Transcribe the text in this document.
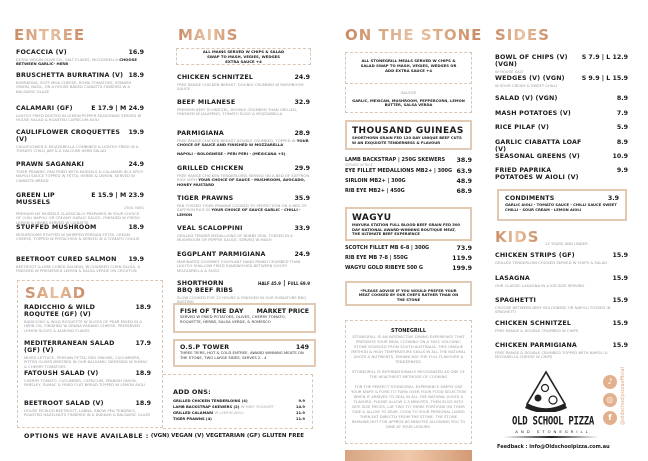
ENTREE
SALAD
OPTIONS WE HAVE AVAILABLE : (VGN) VEGAN (V) VEGETARIAN (GF) GLUTEN FREE
MAINS
ALL MAINS SERVED W CHIPS & SALAD
SWAP TO MASH, VEGIES, WEDGES
EXTRA SAUCE +4
FISH OF THE DAY MARKET PRICE
SERVED W FRIED POTATOES, OLIVES, CHERRY TOMATO, ROQUETTE, HERBS, SALSA VERDE, & ROMESCO
O.S.P TOWER	149
THREE TIERS, HOT & COLD ENTREE, AWARD WINNING MEATS ON THE STONE, TWO LARGE SIDES. SERVES 2 - 4
ADD ONS:
GRILLED CHICKEN TENDERLOINS (4)	9.9
LAMB BACKSTRAP SKEWERS (2) W MINT YOGHURT	14.9
GRILLED CALAMARI W LEMON AIOLI	11.9
TIGER PRAWNS (4)	11.9
ON THE STONE
ALL STONEGRILL MEALS SERVED W CHIPS &
SALAD SWAP TO MASH, VEGIES, WEDGES OR
ADD EXTRA SAUCE +4
SAUCES
GARLIC, MEXICAN, MUSHROOM, PEPPERCORN, LEMON BUTTER, SALSA VERDA
THOUSAND GUINEAS
SHORTHORN GRAIN FED 120 DAY UNIQUE BEEF CUTS W AN EXQUISITE TENDERNESS & FLAVOUR
WAGYU
MAYURA STATION FULL BLOOD BEEF GRAIN FED 500 DAY NATIONAL AWARD-WINNING BOUTIQUE MEAT, THE ULTIMATE BEEF EXPERIENCE
*PLEASE ADVISE IF YOU WOULD PREFER YOUR MEAT COOKED BY OUR CHEFS RATHER THAN ON THE STONE
STONEGRILL
STONEGRILL IS AN INTERACTIVE DINING EXPERIENCE THAT PRESENTS YOUR MEAL COOKING ON A 550C VOLCANIC STONE SOURCED FROM SOUTH AUSTRALIA. THIS UNIQUE METHOD & HIGH TEMPERATURE SEALS IN ALL THE NATURAL JUICES & NUTRIENTS, ENHANCING THE FULL FLAVOURS & TENDERNESS.
STONEGRILL IS INTERNATIONALLY RECOGNIZED AS ONE OF THE HEALTHIEST METHODS OF COOKING
FOR THE PERFECT STONEGRILL EXPERIENCE SIMPLY USE YOUR KNIFE & FORK TO TURN OVER YOUR FOOD SELECTION WHEN IT ARRIVES TO SEAL IN ALL THE NATURAL JUICES & FLAVORS. PLEASE ALLOW 2-3 MINUTES. THEN SLICE INTO BITE SIZE PIECES, LAY TWO TO THREE PORTIONS ON THEIR SIDE & ALLOW TO SEAR, COOK TO YOUR PERSONAL LIKING THEN EAT DIRECTLY FROM THE STONE. THE STONE REMAINS HOT FOR APPROX 60 MINUTES ALLOWING YOU TO DINE AT YOUR LEISURE.
SIDES
CONDIMENTS	3.9
GARLIC AIOLI - TOMATO SAUCE - CHILLI SAUCE SWEET CHILLI - SOUR CREAM - LEMON AIOLI
KIDS 12 YEARS AND UNDER
OLD SCHOOL PIZZA
AND STONEGRILL
Feedback : info@Oldschoolpizza.com.au
♪
◎
f	@oldschoolpizzaofficial
FOCACCIA (V)	16.9
EXTRA VIRGIN OLIVE OIL, SALT FLAKES, MOZZARELLA CHOOSE BETWEEN GARLIC- HERB
BRUSCHETTA BURRATINA (V) 18.9
BURRATINA, SOFT MILK CHEESE, ROMA TOMATOES, SPANISH ONION, BASIL, ON A HOUSE BAKED CIABATTA FINISHED W A BALSAMIC GLAZE
CALAMARI (GF)	E 17.9 | M 24.9
LIGHTLY FRIED DUSTED IN LEMON PEPPER SEASONING SERVED W HOUSE SALAD & ROASTED CAPSICUM AIOLI
CAULIFLOWER CROQUETTES (V)
19.9
CAULIFLOWER & MOZZARELLA COMBINED & LIGHTLY FRIED W A TOMATO CHILLI JAM & A HALOUMI HERB SALAD
PRAWN SAGANAKI	24.9
TIGER PRAWNS, PAN FRIED WITH MUSSELS & CALAMARI IN A SPICY NAPOLI SAUCE TOPPED W FETTA, HERBS & LEMON, SERVED W CIABATTA BREAD
GREEN LIP MUSSELS
E 15.9 | M 23.9
250G 500G
PREMIUM NZ MUSSELS CLASSICALLY PREPARED IN YOUR CHOICE OF CHILI NAPOLI OR CREAMY GARLIC SAUCE. FINISHED W FRESH LEMON & HERBS SERVED W CIABATTA
STUFFED MUSHROOM	18.9
MUSHROOMS STUFFED W WHIPPED PERSIAN FETTA, CREAM CHEESE, TOPPED W PISTACHIOS & SERVED W A TOMATO COULIS
BEETROOT CURED SALMON 19.9
BEETROOT & LIME CURED SALMON, W CHARRED CORN SALSA, & FINISHED W PRESERVED LEMON & SALSA VERDE ON CROUTON
RADICCHIO & WILD ROQUTEE (GF) (V)
18.9
RADICCHIO & WILD ROQUETTE W SLICES OF PEAR MIXED IN A HERB OIL, FINISHED W GRANA PADANO CHEESE, PRESERVED LEMON SLICES & ALMOND FLAKES
MEDITERRANEAN SALAD (GF) (V)
17.9
MIXED LETTUCE, PERSIAN FETTA, RED ONIONS, CUCUMBERS, PITTED OLIVES DRESSED IN OUR BALSAMIC DRESSING W SUMAC & CHERRY TOMATOES
FATOUSH SALAD (V)	18.9
CHERRY TOMATO, CUCUMBER, CAPSICUM, SPANISH ONION, PARSLEY, SUMAC & FRIED FLAT BREAD TOPPED W LEMON AIOLI
BEETROOT SALAD (V)	18.9
HOUSE PICKLED BEETROOT, LABNA, SNOW PEA TENDRILS, ROASTED HAZELNUTS FINISHED IN A DUKKAH & BALSAMIC GLAZE
CHICKEN SCHNITZEL	24.9
FREE RANGE CHICKEN BREAST, DOUBLE CRUMBED W MUSHROOM SAUCE
BEEF MILANESE	32.9
PREMIUM BEEF SCHNITZEL, DOUBLE CRUMBED THAN GRILLED, FINISHED W JALAPENO, TOMATO SUGO & MOZZARELLA
PARMIGIANA	28.9
FREE RANGE CHICKEN BREAST DOUBLE CRUMBED, TOPPED W YOUR CHOICE OF SAUCE AND FINISHED W MOZZARELLA
NAPOLI - BOLOGNESE - PERI PERI - (MEXICANA +3)
GRILLED CHICKEN	29.9
FREE RANGE CHICKEN TENDERLOINS SERVED ON A BED OF SAFFRON RICE WITH YOUR CHOICE OF SAUCE - MUSHROOM, AVOCADO, HONEY MUSTARD
TIGER PRAWNS	35.9
PAN TOSSED TIGER PRAWNS COOKED TO PERFECTION ON A BED OF SAFFRON RICE IN YOUR CHOICE OF SAUCE GARLIC - CHILLI - LEMON
VEAL SCALOPPINI	33.9
GRILLED TENDER MEDALLIONS OF BOBBY VEAL TOSSED IN A MUSHROOM OR PEPPER SAUCE. SERVED W MASH
EGGPLANT PARMIGIANA	24.9
MARINATED GOURMET EGGPLANT HAND PANKO CRUMBED THAN LIGHTLY SHALLOW FRIED SANDWICHED BETWEEN GOOEY MOZZARELLA & SUGO
SHORTHORN BBQ BEEF RIBS
HALF 45.9 | FULL 69.9
SLOW COOKED FOR 12 HOURS & FINISHED IN OUR SIGNATURE BBQ BASTING
BOWL OF CHIPS (V) (VGN)
S 7.9 | L 12.9
W HOUSE SALT
WEDGES (V) (VGN)	S 9.9 | L 15.9
W SOUR CREAM & SWEET CHILLI
SALAD (V) (VGN)	8.9
MASH POTATOES (V)	7.9
RICE PILAF (V)	5.9
GARLIC CIABATTA LOAF (V)
8.9
SEASONAL GREENS (V)	10.9
FRIED PAPRIKA POTATOES W AIOLI (V)
9.9
CHICKEN STRIPS (GF)	15.9
GRILLED TENDERLOIN CHICKEN SERVED W CHIPS & SALAD
LASAGNA	15.9
OUR CLASSIC LASAGNA IN A KID SIZE SERVING
SPAGHETTI	15.9
CHOOSE BETWEEN BEEF BOLOGNESE OR NAPOLI TOSSED IN SPAGHETTI
CHICKEN SCHNITZEL	15.9
FREE RANGE & DOUBLE CRUMBED W CHIPS
CHICKEN PARMIGIANA	15.9
FREE RANGE & DOUBLE CRUMBED TOPPED WITH NAPOLI & MOZARELLA CHEESE W CHIPS
LAMB BACKSTRAP | 250G SKEWERS
SERVED W RICE
38.9
EYE FILLET MEDALLIONS MB2+ | 300G 63.9
SIRLOIN MB2+ | 300G	48.9
RIB EYE MB2+ | 450G	68.9
SCOTCH FILLET MB 6-8 | 300G	73.9
RIB EYE MB 7-8 | 550G	119.9
WAGYU GOLD RIBEYE 500 G	199.9
